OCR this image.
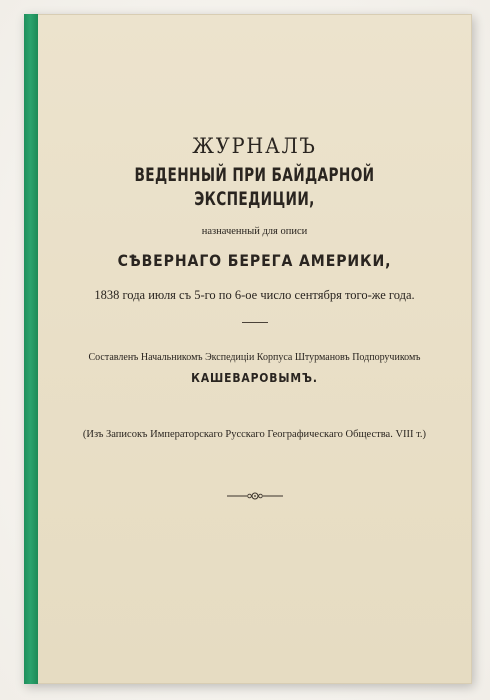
ЖУРНАЛЪ
ВЕДЕННЫЙ ПРИ БАЙДАРНОЙ ЭКСПЕДИЦИИ,
назначенный для описи
СѢВЕРНАГО БЕРЕГА АМЕРИКИ,
1838 года июля съ 5-го по 6-ое число сентября того-же года.
Составленъ Начальникомъ Экспедиціи Корпуса Штурмановъ Подпоручикомъ
КАШЕВАРОВЫМЪ.
(Изъ Записокъ Императорскаго Русскаго Географическаго Общества. VIII т.)
